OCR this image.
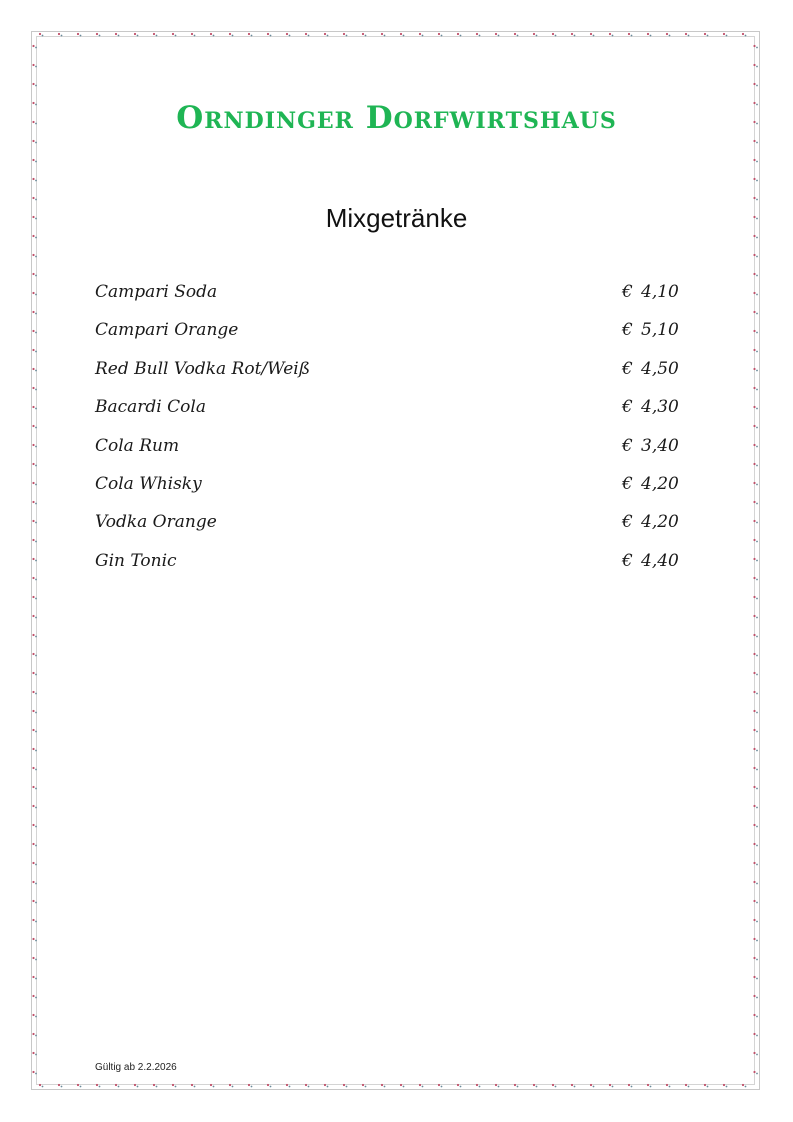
Orndinger Dorfwirtshaus
Mixgetränke
Campari Soda	€ 4,10
Campari Orange	€ 5,10
Red Bull Vodka Rot/Weiß	€ 4,50
Bacardi Cola	€ 4,30
Cola Rum	€ 3,40
Cola Whisky	€ 4,20
Vodka Orange	€ 4,20
Gin Tonic	€ 4,40
Gültig ab 2.2.2026
